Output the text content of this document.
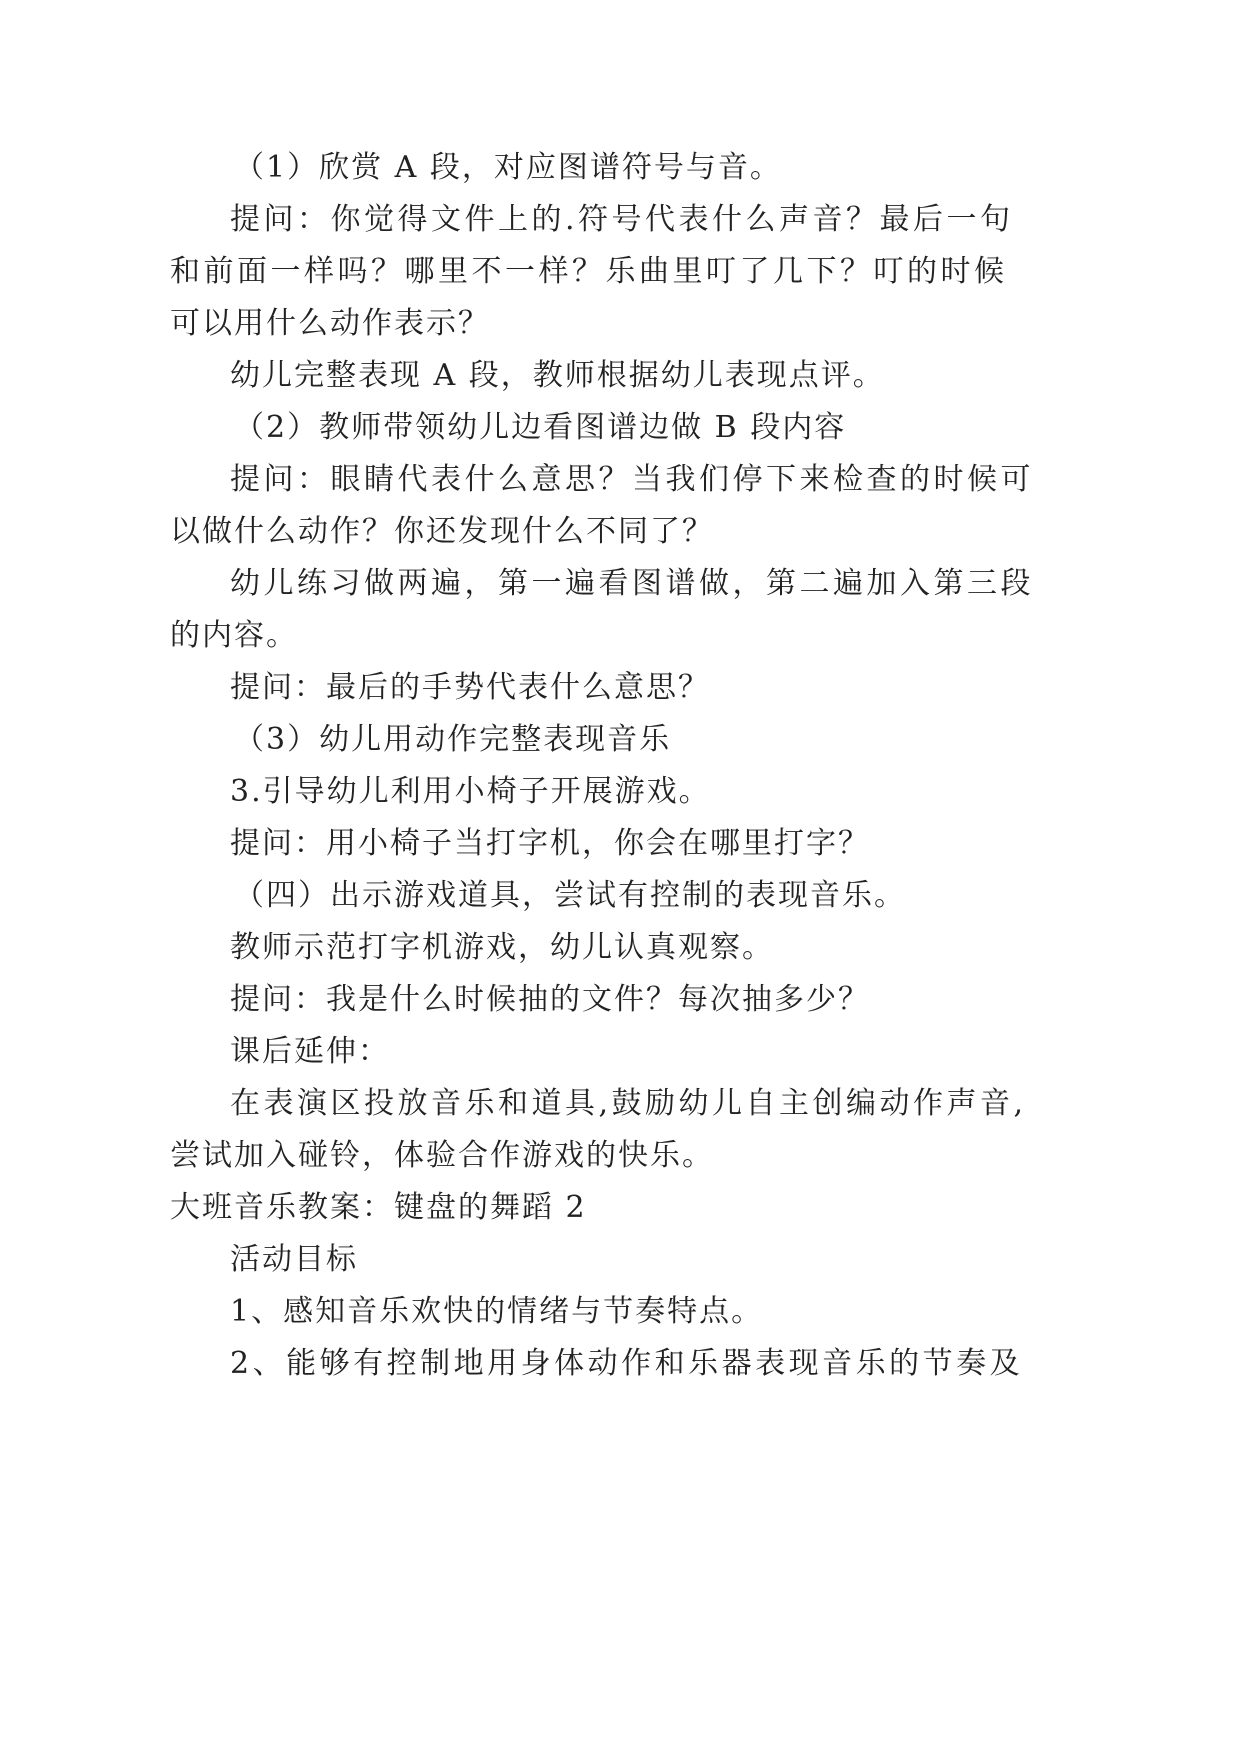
（1）欣赏 A 段，对应图谱符号与音。
提问：你觉得文件上的.符号代表什么声音？最后一句
和前面一样吗？哪里不一样？乐曲里叮了几下？叮的时候
可以用什么动作表示？
幼儿完整表现 A 段，教师根据幼儿表现点评。
（2）教师带领幼儿边看图谱边做 B 段内容
提问：眼睛代表什么意思？当我们停下来检查的时候可
以做什么动作？你还发现什么不同了？
幼儿练习做两遍，第一遍看图谱做，第二遍加入第三段
的内容。
提问：最后的手势代表什么意思？
（3）幼儿用动作完整表现音乐
3.引导幼儿利用小椅子开展游戏。
提问：用小椅子当打字机，你会在哪里打字？
（四）出示游戏道具，尝试有控制的表现音乐。
教师示范打字机游戏，幼儿认真观察。
提问：我是什么时候抽的文件？每次抽多少？
课后延伸：
在表演区投放音乐和道具,鼓励幼儿自主创编动作声音,
尝试加入碰铃，体验合作游戏的快乐。
大班音乐教案：键盘的舞蹈 2
活动目标
1、感知音乐欢快的情绪与节奏特点。
2、能够有控制地用身体动作和乐器表现音乐的节奏及
